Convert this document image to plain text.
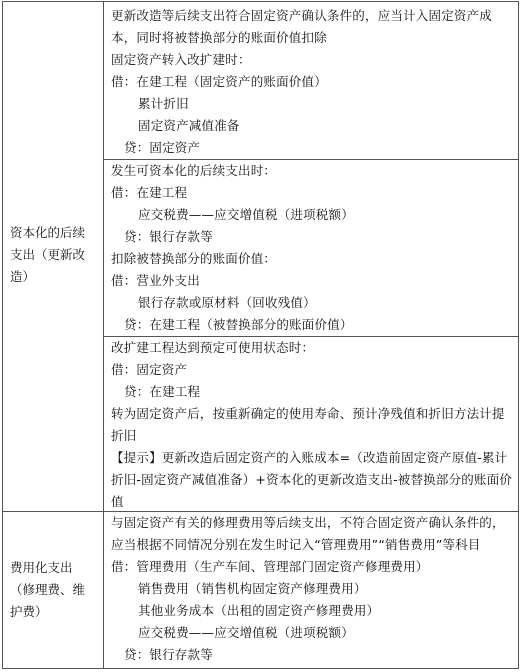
资本化的后续
支出（更新改
造）
更新改造等后续支出符合固定资产确认条件的，应当计入固定资产成
本，同时将被替换部分的账面价值扣除
固定资产转入改扩建时：
借：在建工程（固定资产的账面价值）
累计折旧
固定资产减值准备
贷：固定资产
发生可资本化的后续支出时：
借：在建工程
应交税费——应交增值税（进项税额）
贷：银行存款等
扣除被替换部分的账面价值：
借：营业外支出
银行存款或原材料（回收残值）
贷：在建工程（被替换部分的账面价值）
改扩建工程达到预定可使用状态时：
借：固定资产
贷：在建工程
转为固定资产后，按重新确定的使用寿命、预计净残值和折旧方法计提
折旧
【提示】更新改造后固定资产的入账成本=（改造前固定资产原值-累计
折旧-固定资产减值准备）+资本化的更新改造支出-被替换部分的账面价
值
费用化支出
（修理费、维
护费）
与固定资产有关的修理费用等后续支出，不符合固定资产确认条件的，
应当根据不同情况分别在发生时记入“管理费用”“销售费用”等科目
借：管理费用（生产车间、管理部门固定资产修理费用）
销售费用（销售机构固定资产修理费用）
其他业务成本（出租的固定资产修理费用）
应交税费——应交增值税（进项税额）
贷：银行存款等
